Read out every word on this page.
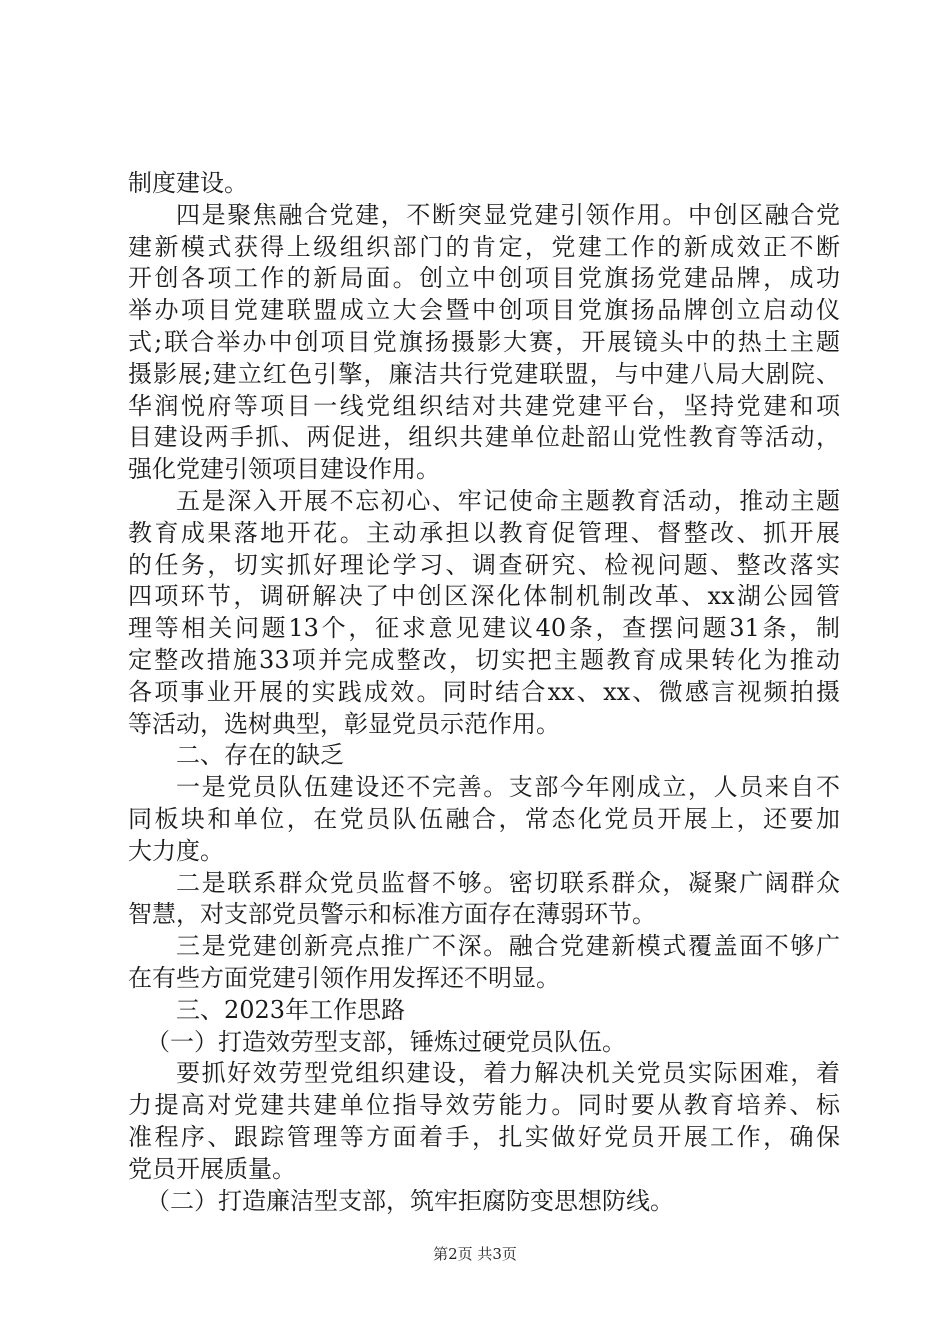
制度建设。
四是聚焦融合党建，不断突显党建引领作用。中创区融合党
建新模式获得上级组织部门的肯定，党建工作的新成效正不断
开创各项工作的新局面。创立中创项目党旗扬党建品牌，成功
举办项目党建联盟成立大会暨中创项目党旗扬品牌创立启动仪
式;联合举办中创项目党旗扬摄影大赛，开展镜头中的热土主题
摄影展;建立红色引擎，廉洁共行党建联盟，与中建八局大剧院、
华润悦府等项目一线党组织结对共建党建平台，坚持党建和项
目建设两手抓、两促进，组织共建单位赴韶山党性教育等活动，
强化党建引领项目建设作用。
五是深入开展不忘初心、牢记使命主题教育活动，推动主题
教育成果落地开花。主动承担以教育促管理、督整改、抓开展
的任务，切实抓好理论学习、调查研究、检视问题、整改落实
四项环节，调研解决了中创区深化体制机制改革、xx湖公园管
理等相关问题13个，征求意见建议40条，查摆问题31条，制
定整改措施33项并完成整改，切实把主题教育成果转化为推动
各项事业开展的实践成效。同时结合xx、xx、微感言视频拍摄
等活动，选树典型，彰显党员示范作用。
二、存在的缺乏
一是党员队伍建设还不完善。支部今年刚成立，人员来自不
同板块和单位，在党员队伍融合，常态化党员开展上，还要加
大力度。
二是联系群众党员监督不够。密切联系群众，凝聚广阔群众
智慧，对支部党员警示和标准方面存在薄弱环节。
三是党建创新亮点推广不深。融合党建新模式覆盖面不够广
在有些方面党建引领作用发挥还不明显。
三、2023年工作思路
（一）打造效劳型支部，锤炼过硬党员队伍。
要抓好效劳型党组织建设，着力解决机关党员实际困难，着
力提高对党建共建单位指导效劳能力。同时要从教育培养、标
准程序、跟踪管理等方面着手，扎实做好党员开展工作，确保
党员开展质量。
（二）打造廉洁型支部，筑牢拒腐防变思想防线。
第2页 共3页
